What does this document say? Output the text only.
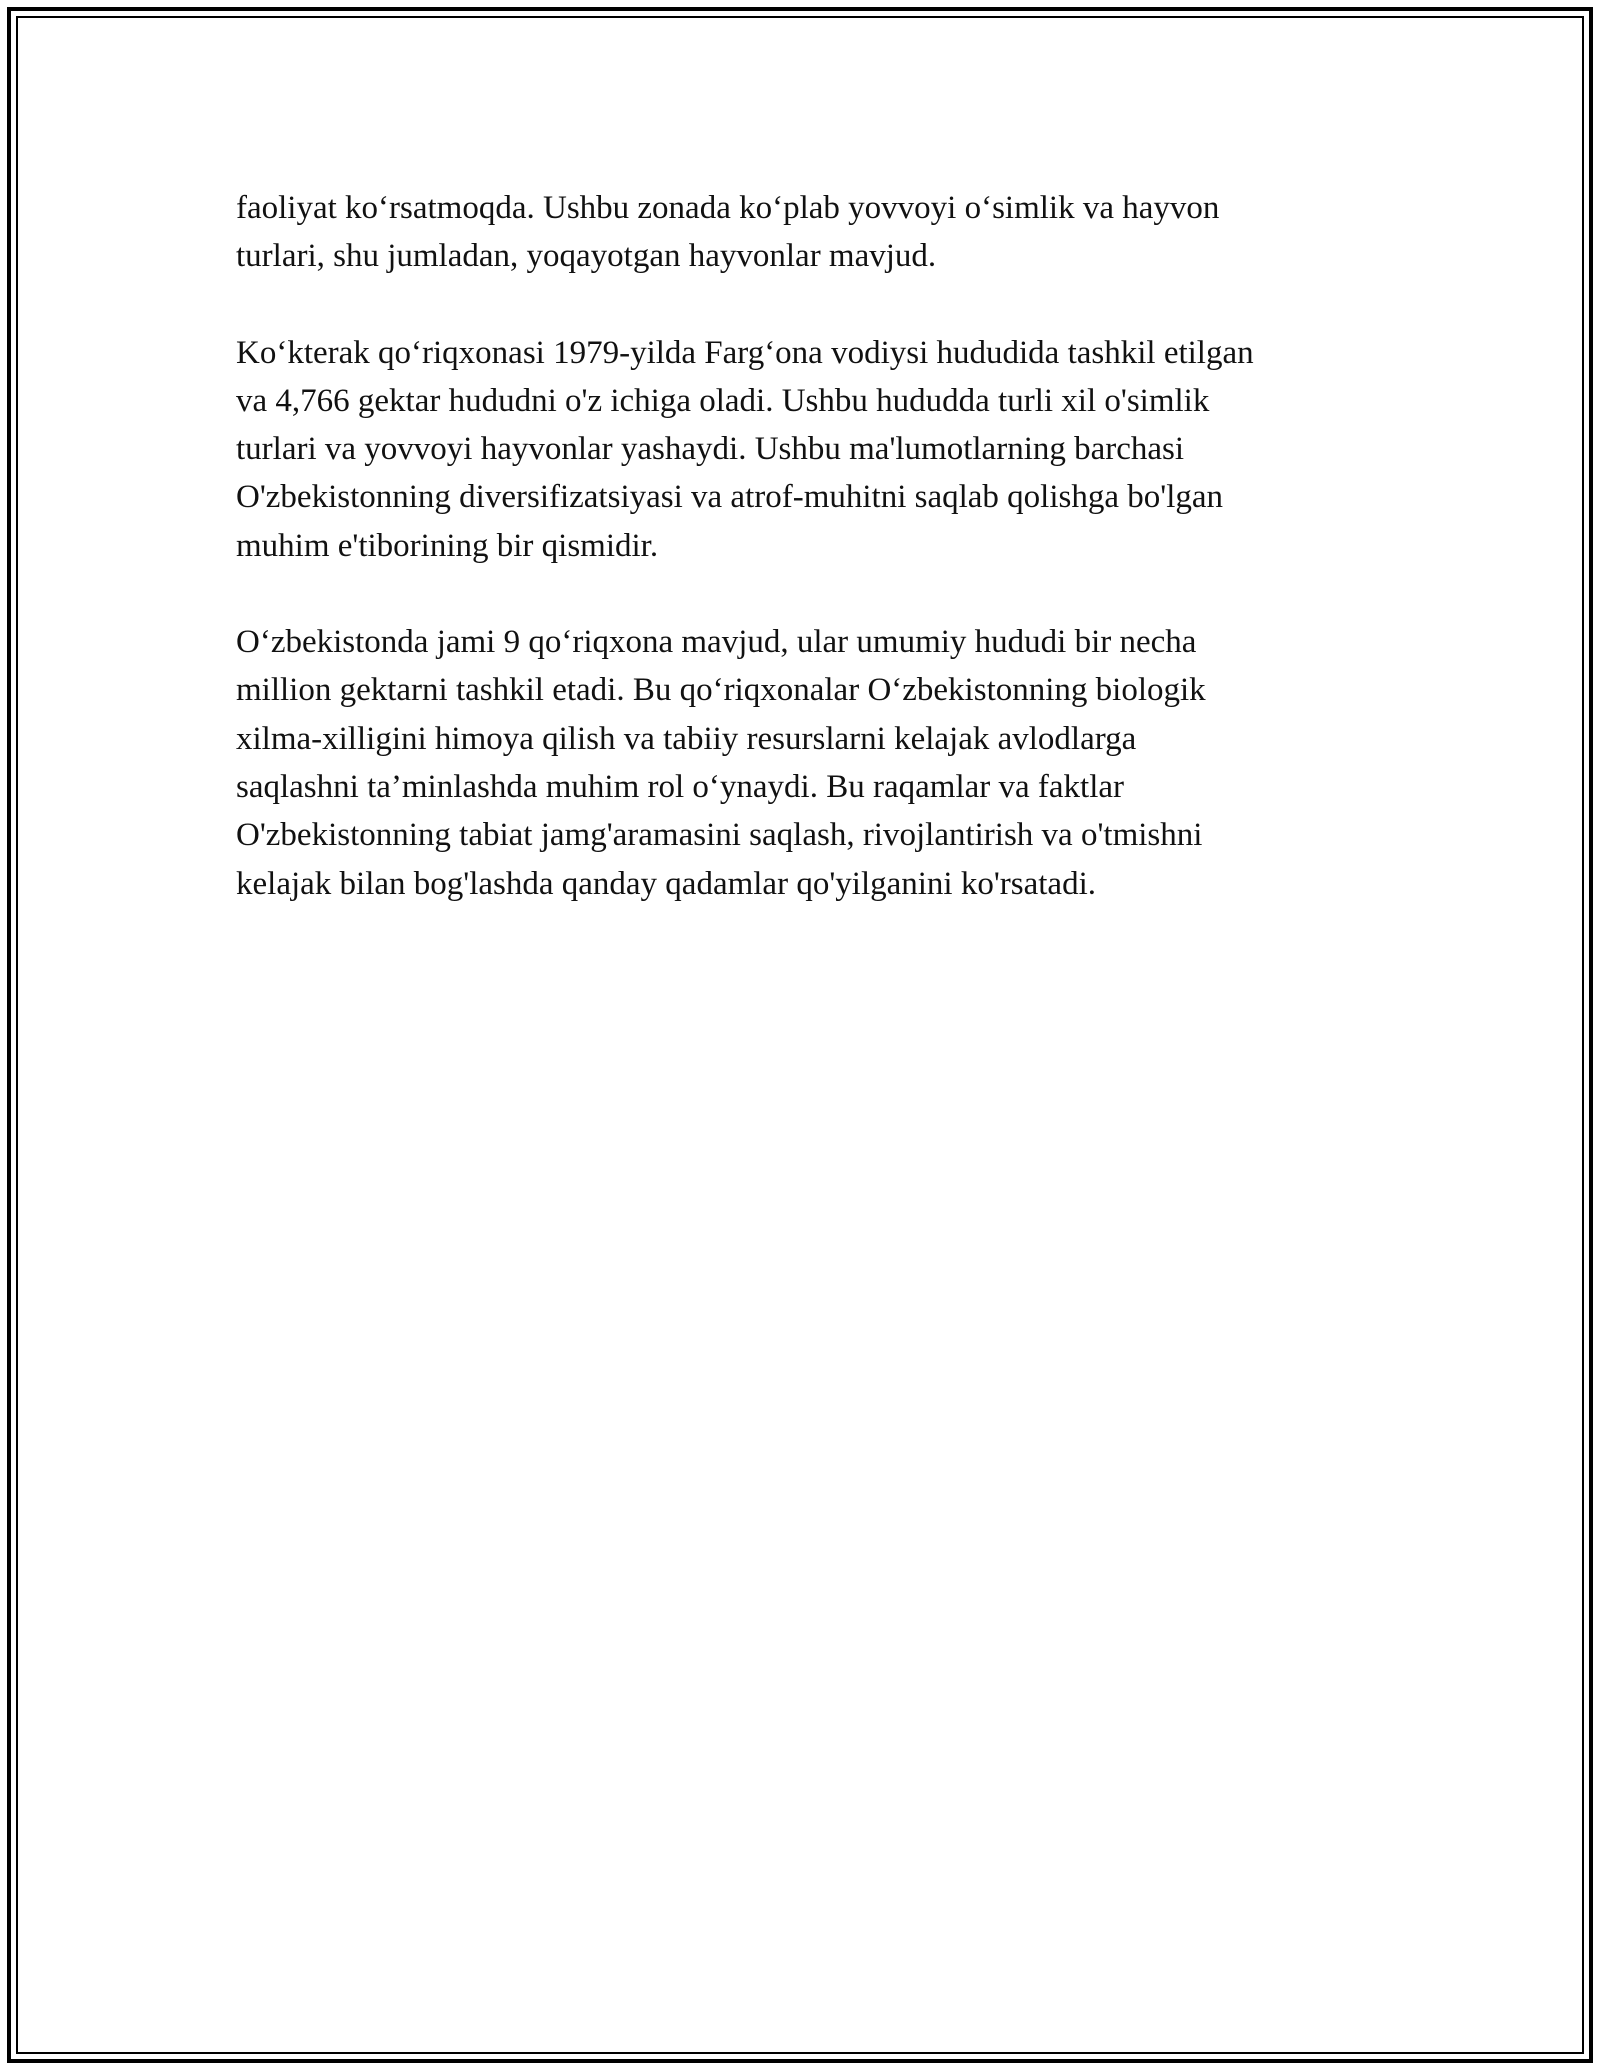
faoliyat ko‘rsatmoqda. Ushbu zonada ko‘plab yovvoyi o‘simlik va hayvon
turlari, shu jumladan, yoqayotgan hayvonlar mavjud.

Ko‘kterak qo‘riqxonasi 1979-yilda Farg‘ona vodiysi hududida tashkil etilgan
va 4,766 gektar hududni o'z ichiga oladi. Ushbu hududda turli xil o'simlik
turlari va yovvoyi hayvonlar yashaydi. Ushbu ma'lumotlarning barchasi
O'zbekistonning diversifizatsiyasi va atrof-muhitni saqlab qolishga bo'lgan
muhim e'tiborining bir qismidir.

O‘zbekistonda jami 9 qo‘riqxona mavjud, ular umumiy hududi bir necha
million gektarni tashkil etadi. Bu qo‘riqxonalar O‘zbekistonning biologik
xilma-xilligini himoya qilish va tabiiy resurslarni kelajak avlodlarga
saqlashni ta’minlashda muhim rol o‘ynaydi. Bu raqamlar va faktlar
O'zbekistonning tabiat jamg'aramasini saqlash, rivojlantirish va o'tmishni
kelajak bilan bog'lashda qanday qadamlar qo'yilganini ko'rsatadi.
